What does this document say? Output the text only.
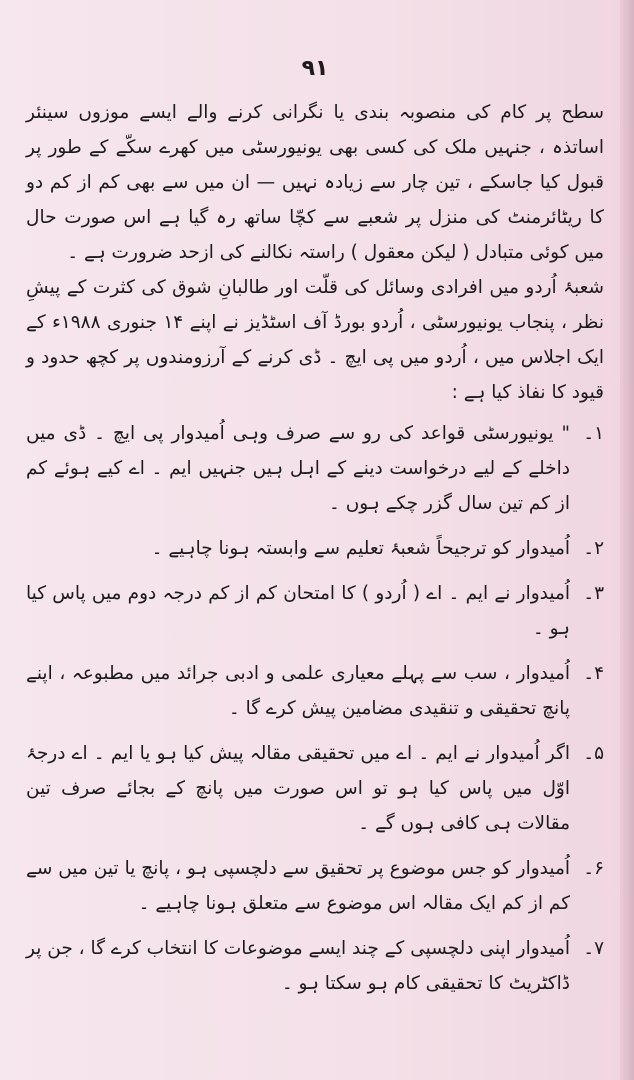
٩١

سطح پر کام کی منصوبہ بندی یا نگرانی کرنے والے ایسے موزوں سینئر اساتذہ ، جنہیں ملک کی کسی بھی یونیورسٹی میں کھرے سکّے کے طور پر قبول کیا جاسکے ، تین چار سے زیادہ نہیں — ان میں سے بھی کم از کم دو کا ریٹائرمنٹ کی منزل پر شعبے سے کچّا ساتھ رہ گیا ہے اس صورت حال میں کوئی متبادل ( لیکن معقول ) راستہ نکالنے کی ازحد ضرورت ہے ۔

شعبۂ اُردو میں افرادی وسائل کی قلّت اور طالبانِ شوق کی کثرت کے پیشِ نظر ، پنجاب یونیورسٹی ، اُردو بورڈ آف اسٹڈیز نے اپنے ۱۴ جنوری ۱۹۸۸ء کے ایک اجلاس میں ، اُردو میں پی ایچ ۔ ڈی کرنے کے آرزومندوں پر کچھ حدود و قیود کا نفاذ کیا ہے :

۱۔
" یونیورسٹی قواعد کی رو سے صرف وہی اُمیدوار پی ایچ ۔ ڈی میں داخلے کے لیے درخواست دینے کے اہل ہیں جنہیں ایم ۔ اے کیے ہوئے کم از کم تین سال گزر چکے ہوں ۔
۲۔
اُمیدوار کو ترجیحاً شعبۂ تعلیم سے وابستہ ہونا چاہیے ۔
۳۔
اُمیدوار نے ایم ۔ اے ( اُردو ) کا امتحان کم از کم درجہ دوم میں پاس کیا ہو ۔
۴۔
اُمیدوار ، سب سے پہلے معیاری علمی و ادبی جرائد میں مطبوعہ ، اپنے پانچ تحقیقی و تنقیدی مضامین پیش کرے گا ۔
۵۔
اگر اُمیدوار نے ایم ۔ اے میں تحقیقی مقالہ پیش کیا ہو یا ایم ۔ اے درجۂ اوّل میں پاس کیا ہو تو اس صورت میں پانچ کے بجائے صرف تین مقالات ہی کافی ہوں گے ۔
۶۔
اُمیدوار کو جس موضوع پر تحقیق سے دلچسپی ہو ، پانچ یا تین میں سے کم از کم ایک مقالہ اس موضوع سے متعلق ہونا چاہیے ۔
۷۔
اُمیدوار اپنی دلچسپی کے چند ایسے موضوعات کا انتخاب کرے گا ، جن پر ڈاکٹریٹ کا تحقیقی کام ہو سکتا ہو ۔
